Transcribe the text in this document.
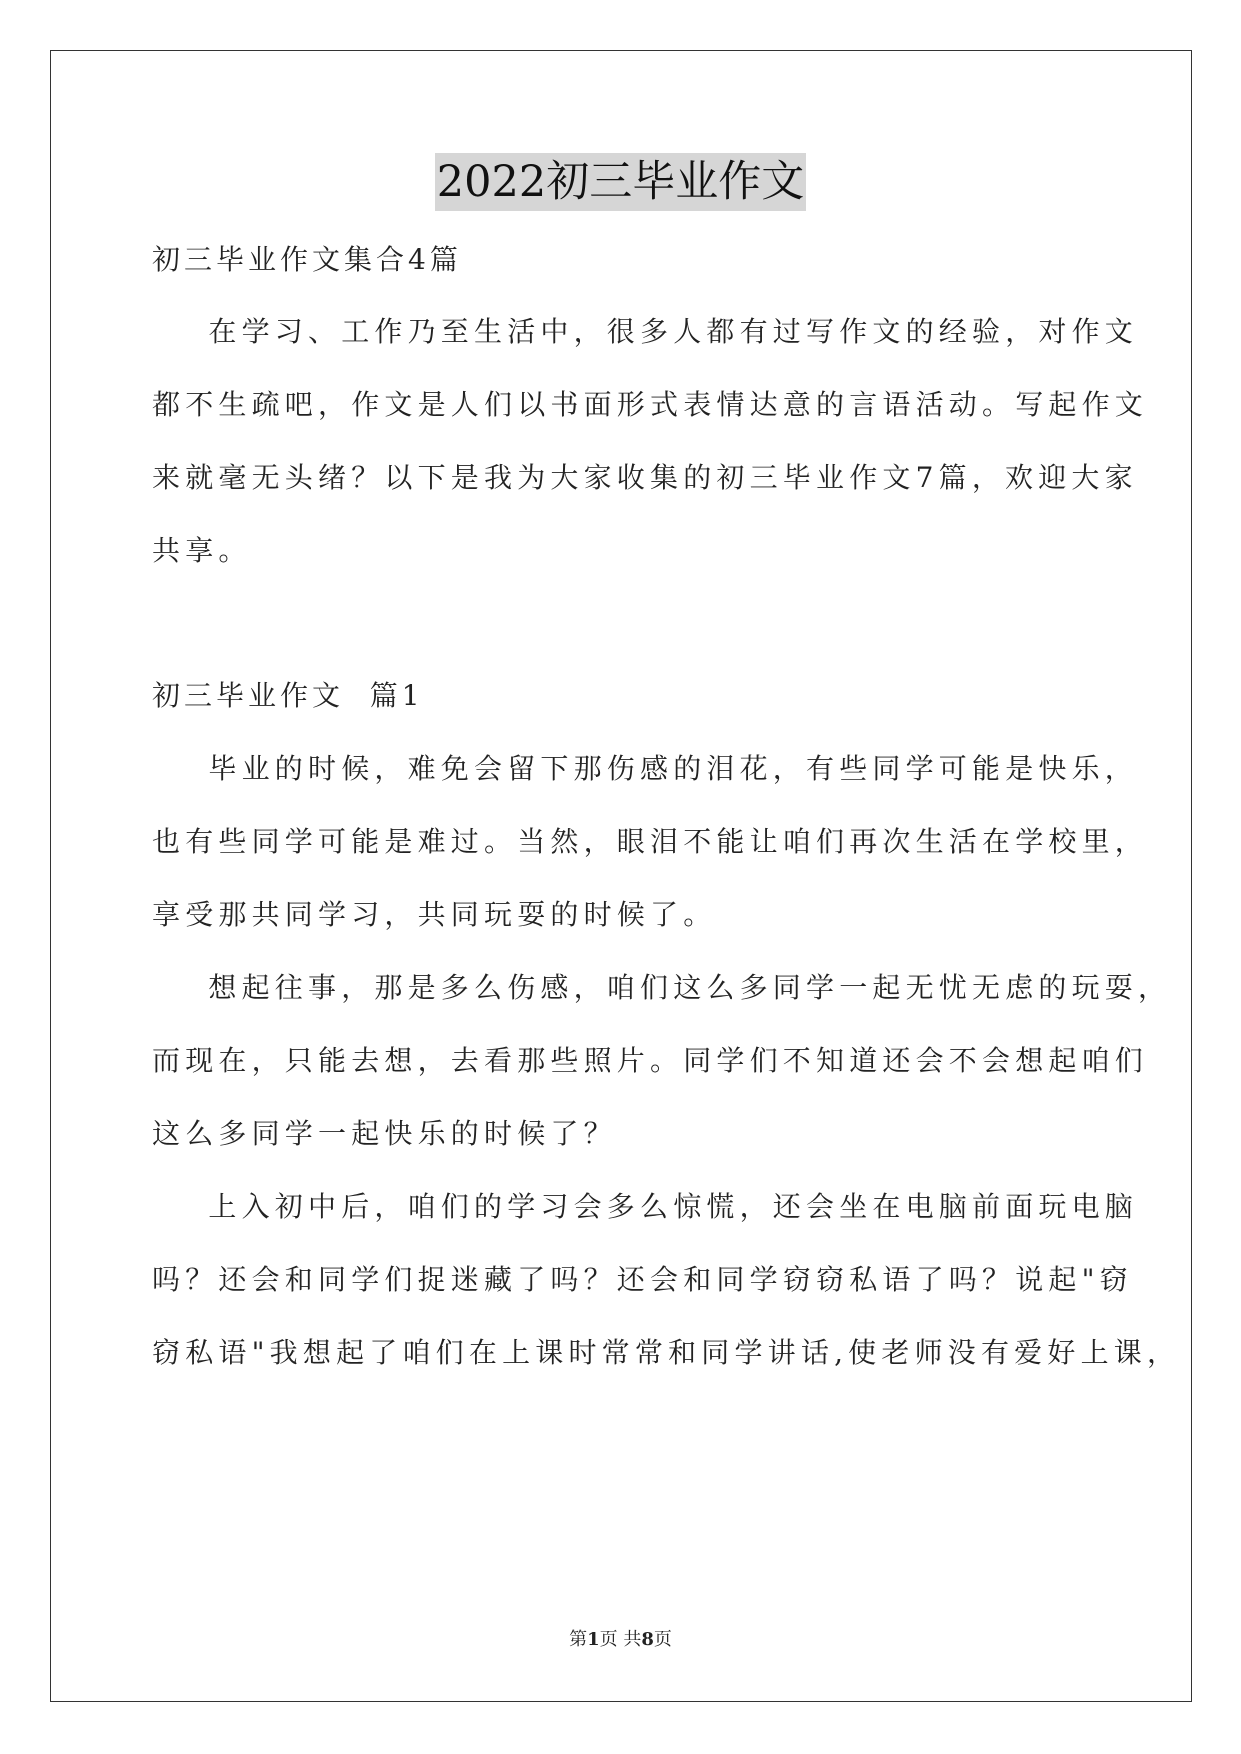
2022初三毕业作文
初三毕业作文集合4篇
在学习、工作乃至生活中，很多人都有过写作文的经验，对作文
都不生疏吧，作文是人们以书面形式表情达意的言语活动。写起作文
来就毫无头绪？以下是我为大家收集的初三毕业作文7篇，欢迎大家
共享。
初三毕业作文  篇1
毕业的时候，难免会留下那伤感的泪花，有些同学可能是快乐，
也有些同学可能是难过。当然，眼泪不能让咱们再次生活在学校里，
享受那共同学习，共同玩耍的时候了。
想起往事，那是多么伤感，咱们这么多同学一起无忧无虑的玩耍，
而现在，只能去想，去看那些照片。同学们不知道还会不会想起咱们
这么多同学一起快乐的时候了？
上入初中后，咱们的学习会多么惊慌，还会坐在电脑前面玩电脑
吗？还会和同学们捉迷藏了吗？还会和同学窃窃私语了吗？说起"窃
窃私语"我想起了咱们在上课时常常和同学讲话,使老师没有爱好上课，
第1页 共8页
